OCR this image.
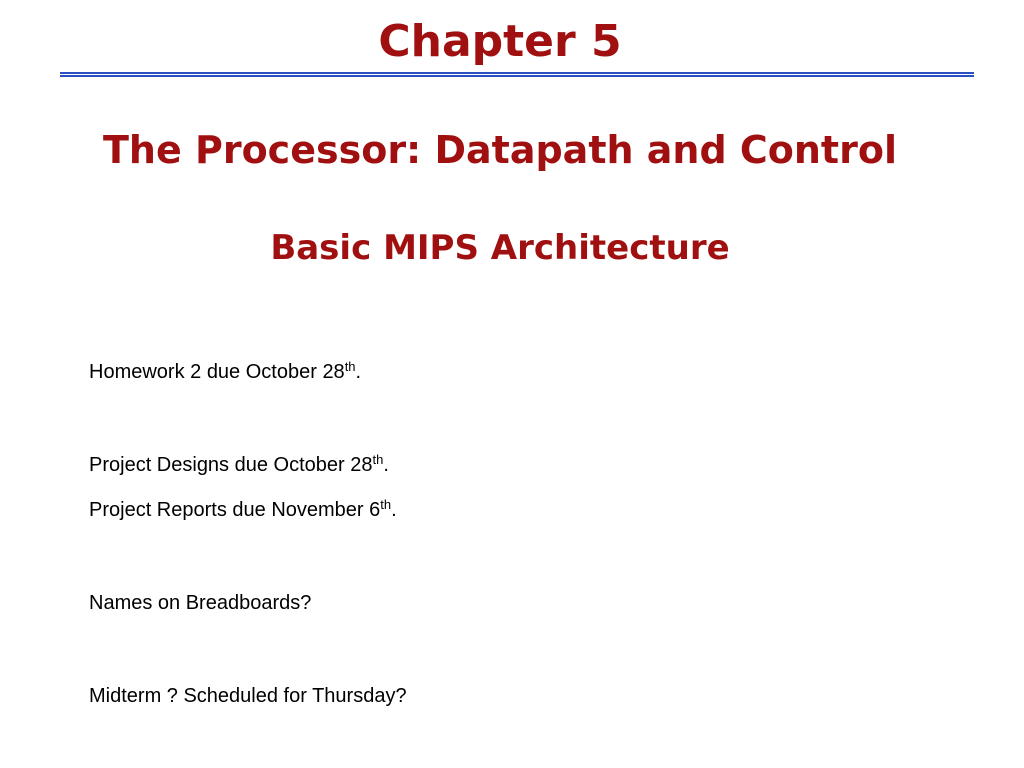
Chapter 5
The Processor: Datapath and Control
Basic MIPS Architecture

Homework 2 due October 28th.

Project Designs due October 28th.

Project Reports due November 6th.

Names on Breadboards?

Midterm ? Scheduled for Thursday?
